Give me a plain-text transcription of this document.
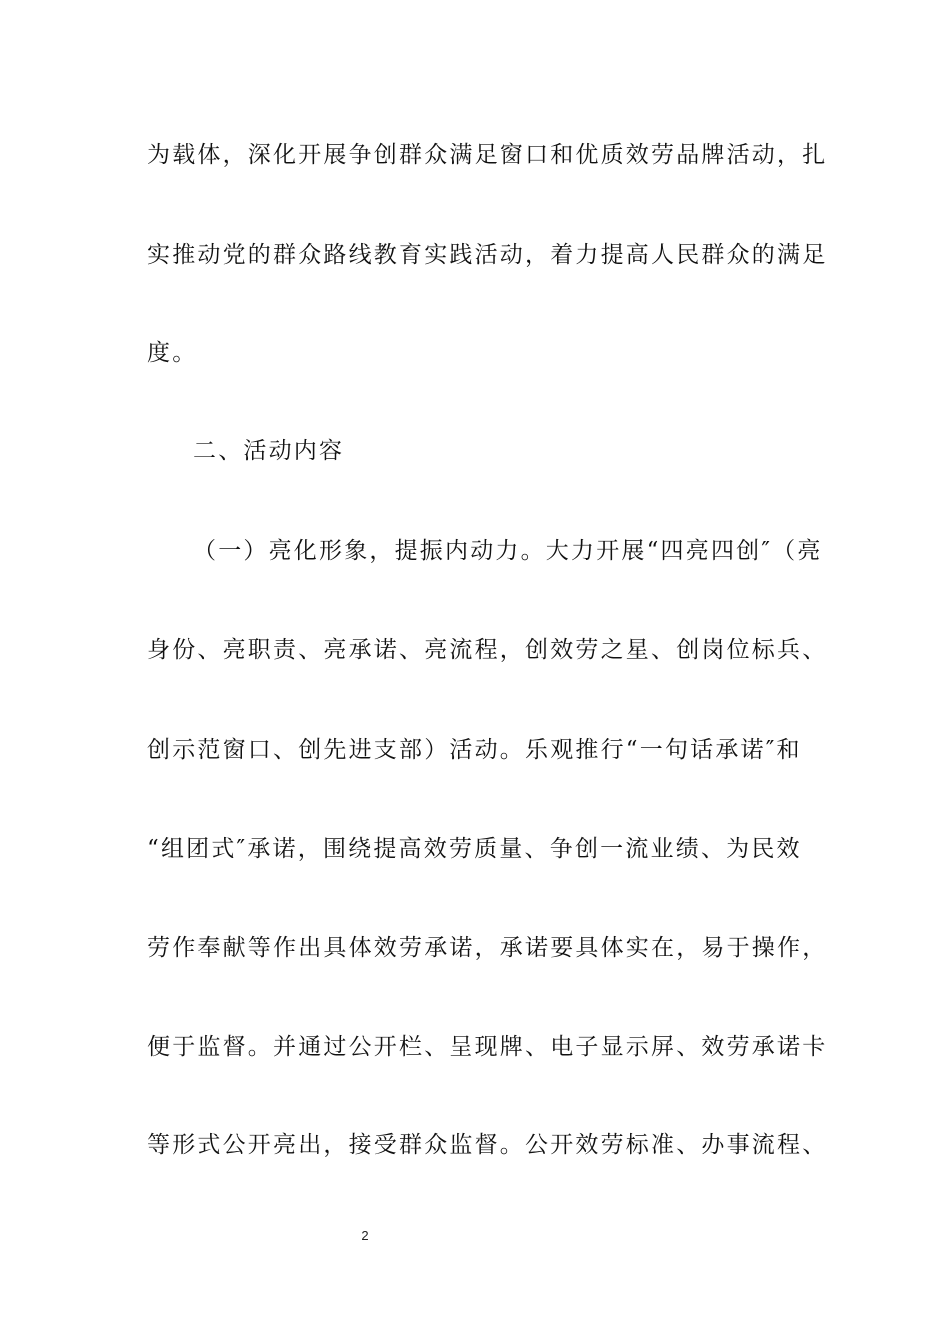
为载体，深化开展争创群众满足窗口和优质效劳品牌活动，扎
实推动党的群众路线教育实践活动，着力提高人民群众的满足
度。
二、活动内容
（一）亮化形象，提振内动力。大力开展“四亮四创″（亮
身份、亮职责、亮承诺、亮流程，创效劳之星、创岗位标兵、
创示范窗口、创先进支部）活动。乐观推行“一句话承诺″和
“组团式″承诺，围绕提高效劳质量、争创一流业绩、为民效
劳作奉献等作出具体效劳承诺，承诺要具体实在，易于操作，
便于监督。并通过公开栏、呈现牌、电子显示屏、效劳承诺卡
等形式公开亮出，接受群众监督。公开效劳标准、办事流程、
2
